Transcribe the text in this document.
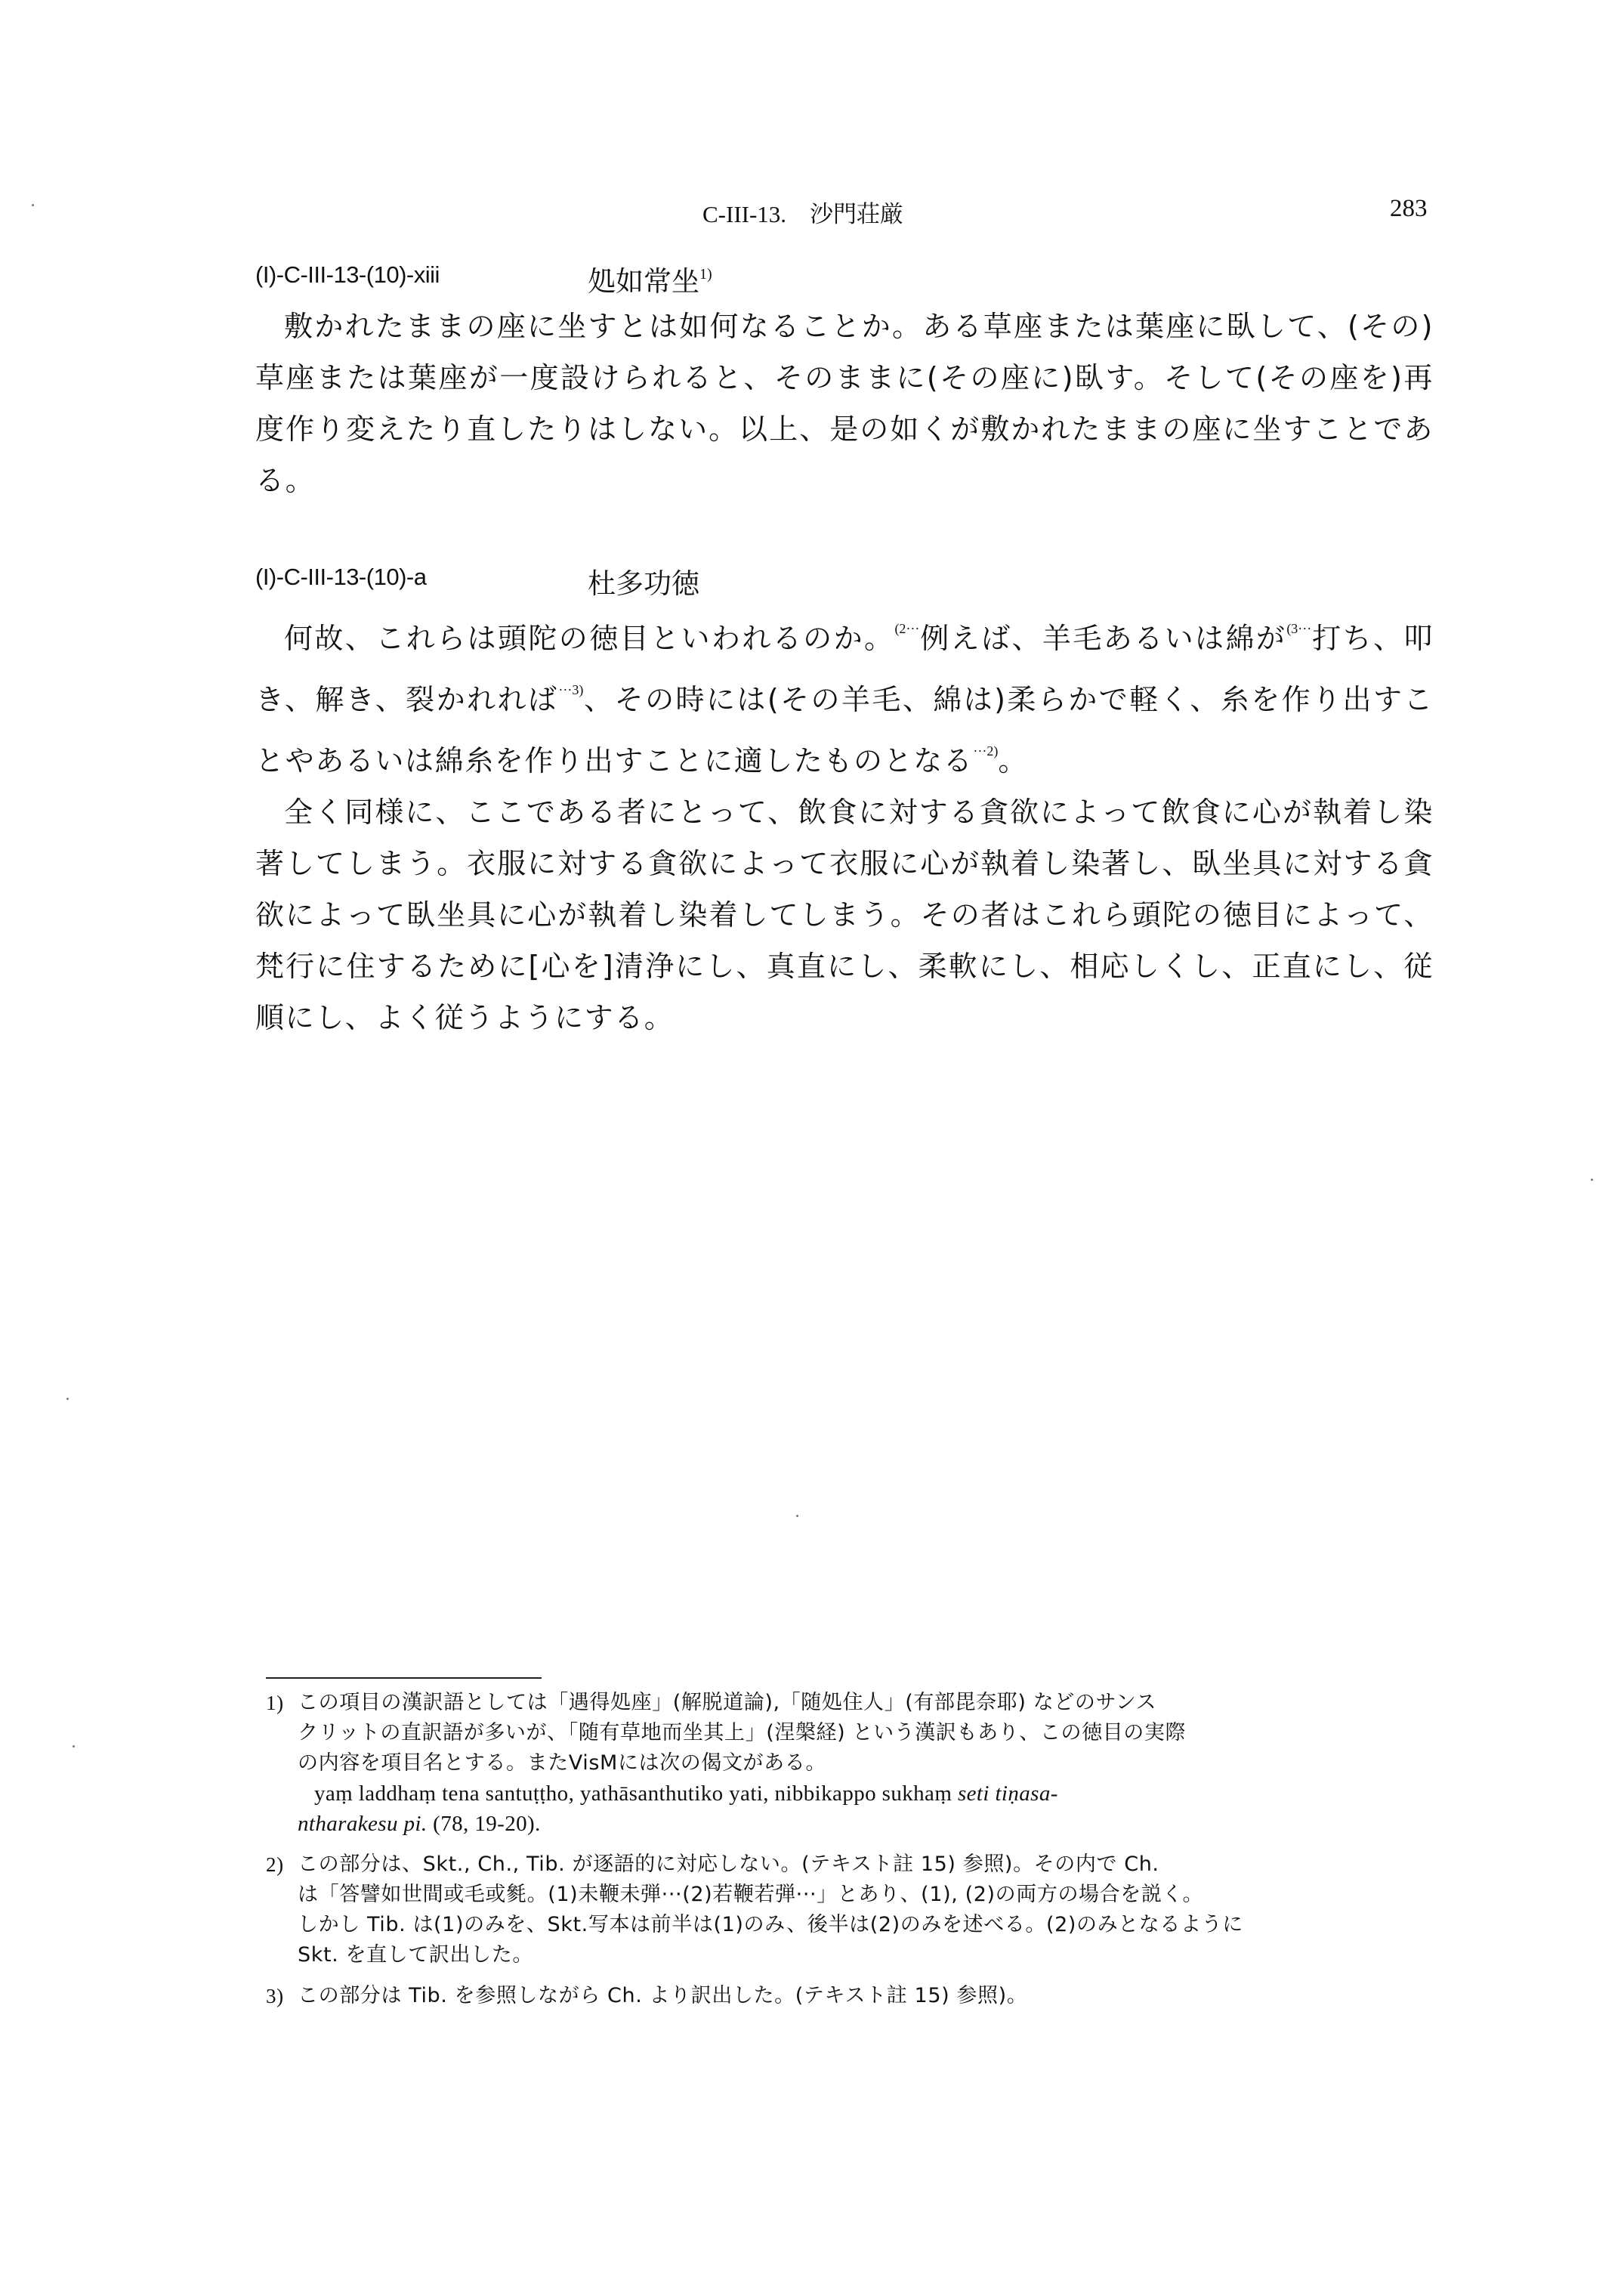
C-III-13.　沙門荘厳	283
(I)-C-III-13-(10)-xiii	処如常坐$^{1)}$

敷かれたままの座に坐すとは如何なることか。ある草座または葉座に臥して、(その)草座または葉座が一度設けられると、そのままに(その座に)臥す。そして(その座を)再度作り変えたり直したりはしない。以上、是の如くが敷かれたままの座に坐すことである。

(I)-C-III-13-(10)-a	杜多功徳

何故、これらは頭陀の徳目といわれるのか。$^{(2\cdot\cdot\cdot}$例えば、羊毛あるいは綿が$^{(3\cdot\cdot\cdot}$打ち、叩き、解き、裂かれれば$^{\cdot\cdot\cdot 3)}$、その時には(その羊毛、綿は)柔らかで軽く、糸を作り出すことやあるいは綿糸を作り出すことに適したものとなる$^{\cdot\cdot\cdot 2)}$。

全く同様に、ここである者にとって、飲食に対する貪欲によって飲食に心が執着し染著してしまう。衣服に対する貪欲によって衣服に心が執着し染著し、臥坐具に対する貪欲によって臥坐具に心が執着し染着してしまう。その者はこれら頭陀の徳目によって、梵行に住するために[心を]清浄にし、真直にし、柔軟にし、相応しくし、正直にし、従順にし、よく従うようにする。

1) この項目の漢訳語としては「遇得処座」(解脱道論),「随処住人」(有部毘奈耶) などのサンス
クリットの直訳語が多いが、「随有草地而坐其上」(涅槃経) という漢訳もあり、この徳目の実際
の内容を項目名とする。またVisMには次の偈文がある。
yaṃ laddhaṃ tena santuṭṭho, yathāsanthutiko yati, nibbikappo sukhaṃ seti tiṇasa-
ntharakesu pi. (78, 19-20).
2) この部分は、Skt., Ch., Tib. が逐語的に対応しない。(テキスト註 15) 参照)。その内で Ch.
は「答譬如世間或毛或毿。(1)未鞭未弾···(2)若鞭若弾···」とあり、(1), (2)の両方の場合を説く。
しかし Tib. は(1)のみを、Skt.写本は前半は(1)のみ、後半は(2)のみを述べる。(2)のみとなるように
Skt. を直して訳出した。
3) この部分は Tib. を参照しながら Ch. より訳出した。(テキスト註 15) 参照)。
